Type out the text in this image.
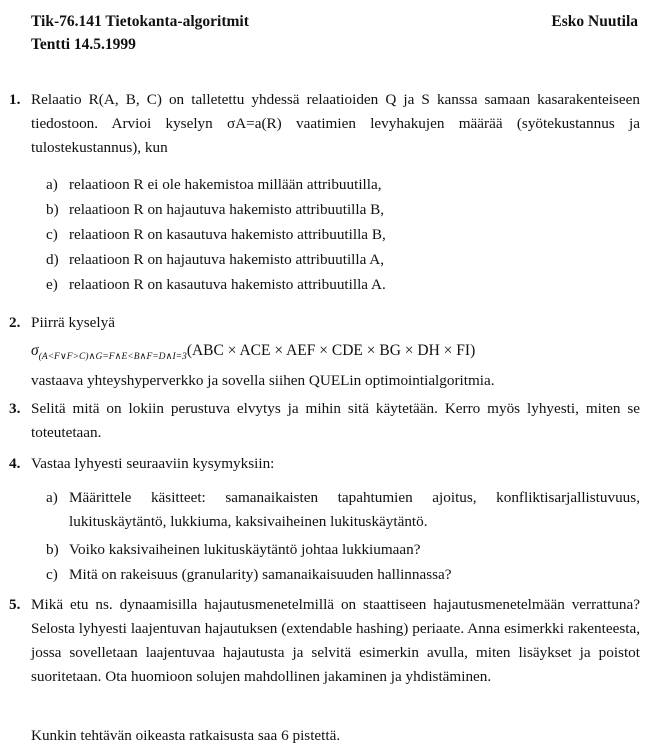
Tik-76.141 Tietokanta-algoritmit
Tentti 14.5.1999
Esko Nuutila
1. Relaatio R(A, B, C) on talletettu yhdessä relaatioiden Q ja S kanssa samaan kasarakenteiseen tiedostoon. Arvioi kyselyn σA=a(R) vaatimien levyhakujen määrää (syötekustannus ja tulostekustannus), kun
a) relaatioon R ei ole hakemistoa millään attribuutilla,
b) relaatioon R on hajautuva hakemisto attribuutilla B,
c) relaatioon R on kasautuva hakemisto attribuutilla B,
d) relaatioon R on hajautuva hakemisto attribuutilla A,
e) relaatioon R on kasautuva hakemisto attribuutilla A.
2. Piirrä kyselyä
$\sigma_{(A<F\vee F>C)\wedge G=F\wedge E<B\wedge F=D\wedge I=3}(ABC$ × ACE × AEF × CDE × BG × DH × FI)
vastaava yhteyshyperverkko ja sovella siihen QUELin optimointialgoritmia.
3. Selitä mitä on lokiin perustuva elvytys ja mihin sitä käytetään. Kerro myös lyhyesti, miten se toteutetaan.
4. Vastaa lyhyesti seuraaviin kysymyksiin:
a) Määrittele käsitteet: samanaikaisten tapahtumien ajoitus, konfliktisarjallistuvuus, lukituskäytäntö, lukkiuma, kaksivaiheinen lukituskäytäntö.
b) Voiko kaksivaiheinen lukituskäytäntö johtaa lukkiumaan?
c) Mitä on rakeisuus (granularity) samanaikaisuuden hallinnassa?
5. Mikä etu ns. dynaamisilla hajautusmenetelmillä on staattiseen hajautusmenetelmään verrattuna? Selosta lyhyesti laajentuvan hajautuksen (extendable hashing) periaate. Anna esimerkki rakenteesta, jossa sovelletaan laajentuvaa hajautusta ja selvitä esimerkin avulla, miten lisäykset ja poistot suoritetaan. Ota huomioon solujen mahdollinen jakaminen ja yhdistäminen.
Kunkin tehtävän oikeasta ratkaisusta saa 6 pistettä.
